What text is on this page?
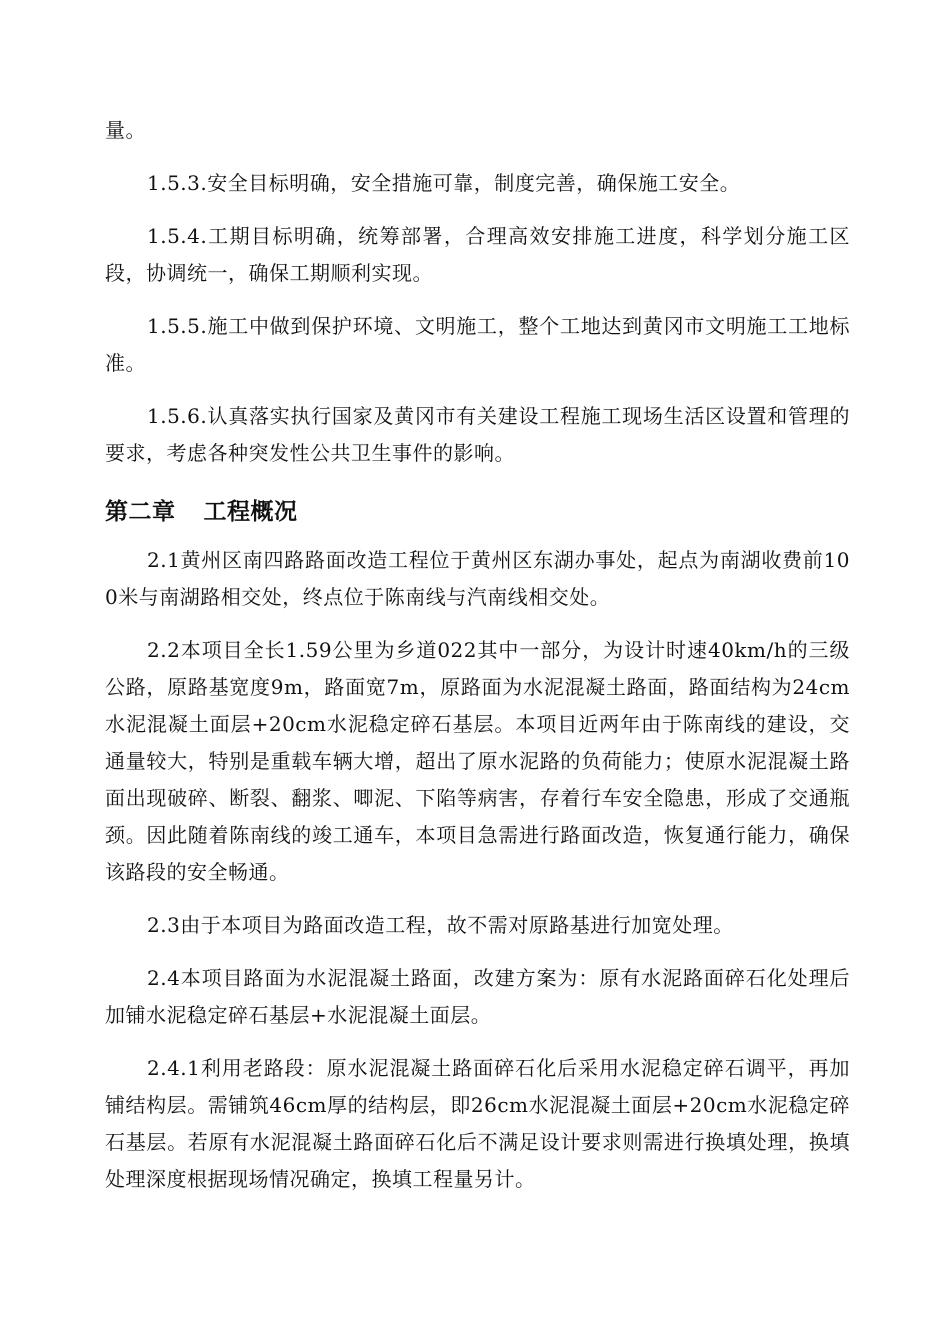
量。

1.5.3.安全目标明确，安全措施可靠，制度完善，确保施工安全。

1.5.4.工期目标明确，统筹部署，合理高效安排施工进度，科学划分施工区段，协调统一，确保工期顺利实现。

1.5.5.施工中做到保护环境、文明施工，整个工地达到黄冈市文明施工工地标准。

1.5.6.认真落实执行国家及黄冈市有关建设工程施工现场生活区设置和管理的要求，考虑各种突发性公共卫生事件的影响。

第二章 工程概况

2.1黄州区南四路路面改造工程位于黄州区东湖办事处，起点为南湖收费前100米与南湖路相交处，终点位于陈南线与汽南线相交处。

2.2本项目全长1.59公里为乡道022其中一部分，为设计时速40km/h的三级公路，原路基宽度9m，路面宽7m，原路面为水泥混凝土路面，路面结构为24cm水泥混凝土面层+20cm水泥稳定碎石基层。本项目近两年由于陈南线的建设，交通量较大，特别是重载车辆大增，超出了原水泥路的负荷能力；使原水泥混凝土路面出现破碎、断裂、翻浆、唧泥、下陷等病害，存着行车安全隐患，形成了交通瓶颈。因此随着陈南线的竣工通车，本项目急需进行路面改造，恢复通行能力，确保该路段的安全畅通。

2.3由于本项目为路面改造工程，故不需对原路基进行加宽处理。

2.4本项目路面为水泥混凝土路面，改建方案为：原有水泥路面碎石化处理后加铺水泥稳定碎石基层+水泥混凝土面层。

2.4.1利用老路段：原水泥混凝土路面碎石化后采用水泥稳定碎石调平，再加铺结构层。需铺筑46cm厚的结构层，即26cm水泥混凝土面层+20cm水泥稳定碎石基层。若原有水泥混凝土路面碎石化后不满足设计要求则需进行换填处理，换填处理深度根据现场情况确定，换填工程量另计。
